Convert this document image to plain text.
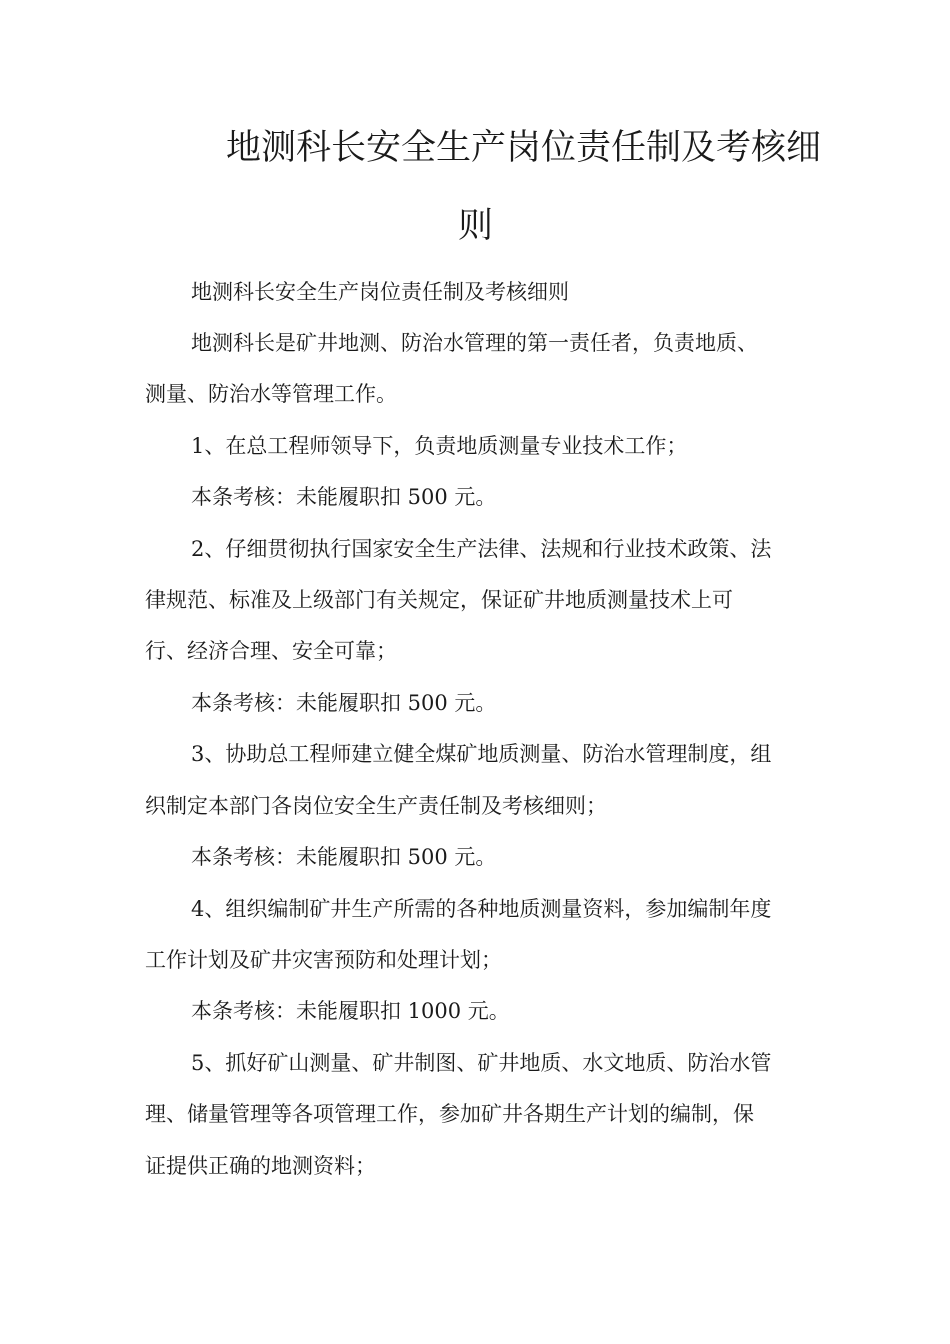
地测科长安全生产岗位责任制及考核细
则
地测科长安全生产岗位责任制及考核细则
地测科长是矿井地测、防治水管理的第一责任者，负责地质、
测量、防治水等管理工作。
1、在总工程师领导下，负责地质测量专业技术工作；
本条考核：未能履职扣 500 元。
2、仔细贯彻执行国家安全生产法律、法规和行业技术政策、法
律规范、标准及上级部门有关规定，保证矿井地质测量技术上可
行、经济合理、安全可靠；
本条考核：未能履职扣 500 元。
3、协助总工程师建立健全煤矿地质测量、防治水管理制度，组
织制定本部门各岗位安全生产责任制及考核细则；
本条考核：未能履职扣 500 元。
4、组织编制矿井生产所需的各种地质测量资料，参加编制年度
工作计划及矿井灾害预防和处理计划；
本条考核：未能履职扣 1000 元。
5、抓好矿山测量、矿井制图、矿井地质、水文地质、防治水管
理、储量管理等各项管理工作，参加矿井各期生产计划的编制，保
证提供正确的地测资料；
